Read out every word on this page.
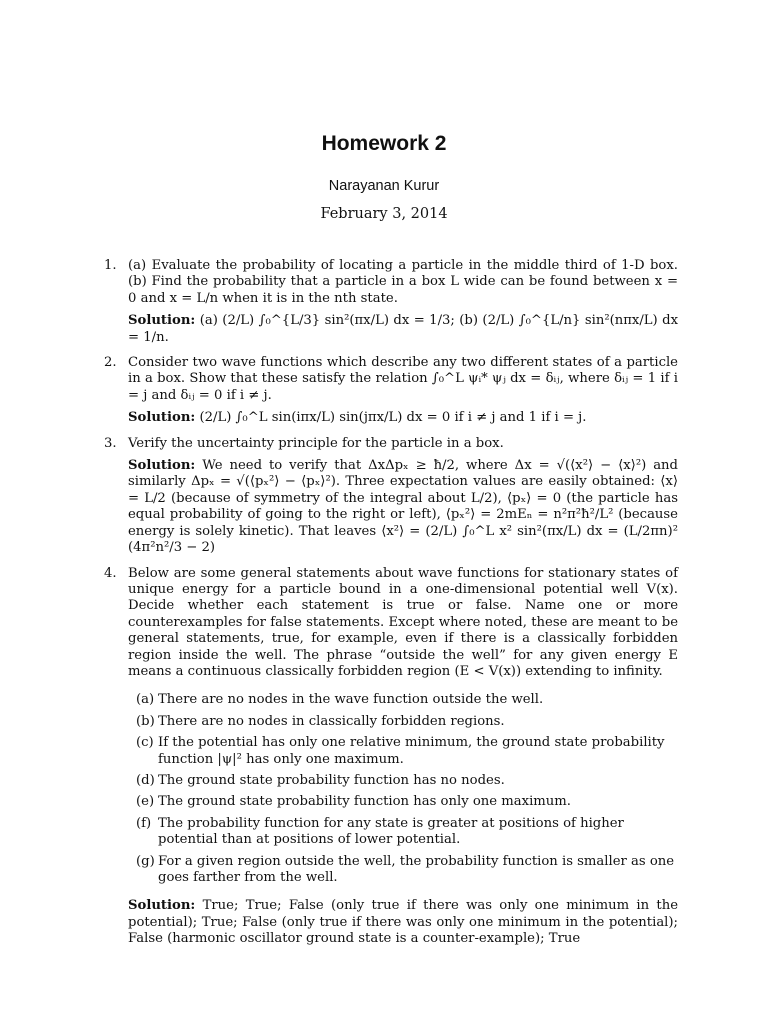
Homework 2
Narayanan Kurur
February 3, 2014
1. (a) Evaluate the probability of locating a particle in the middle third of 1-D box. (b) Find the probability that a particle in a box L wide can be found between x = 0 and x = L/n when it is in the nth state.
Solution: (a) (2/L) ∫₀^{L/3} sin²(πx/L) dx = 1/3; (b) (2/L) ∫₀^{L/n} sin²(nπx/L) dx = 1/n.
2. Consider two wave functions which describe any two different states of a particle in a box. Show that these satisfy the relation ∫₀^L ψᵢ* ψⱼ dx = δᵢⱼ, where δᵢⱼ = 1 if i = j and δᵢⱼ = 0 if i ≠ j.
Solution: (2/L) ∫₀^L sin(iπx/L) sin(jπx/L) dx = 0 if i ≠ j and 1 if i = j.
3. Verify the uncertainty principle for the particle in a box.
Solution: We need to verify that ΔxΔpₓ ≥ ħ/2, where Δx = √(⟨x²⟩ − ⟨x⟩²) and similarly Δpₓ = √(⟨pₓ²⟩ − ⟨pₓ⟩²). Three expectation values are easily obtained: ⟨x⟩ = L/2 (because of symmetry of the integral about L/2), ⟨pₓ⟩ = 0 (the particle has equal probability of going to the right or left), ⟨pₓ²⟩ = 2mEₙ = n²π²ħ²/L² (because energy is solely kinetic). That leaves ⟨x²⟩ = (2/L) ∫₀^L x² sin²(πx/L) dx = (L/2πn)² (4π²n²/3 − 2)
4. Below are some general statements about wave functions for stationary states of unique energy for a particle bound in a one-dimensional potential well V(x). Decide whether each statement is true or false. Name one or more counterexamples for false statements. Except where noted, these are meant to be general statements, true, for example, even if there is a classically forbidden region inside the well. The phrase “outside the well” for any given energy E means a continuous classically forbidden region (E < V(x)) extending to infinity.
(a) There are no nodes in the wave function outside the well.
(b) There are no nodes in classically forbidden regions.
(c) If the potential has only one relative minimum, the ground state probability function |ψ|² has only one maximum.
(d) The ground state probability function has no nodes.
(e) The ground state probability function has only one maximum.
(f) The probability function for any state is greater at positions of higher potential than at positions of lower potential.
(g) For a given region outside the well, the probability function is smaller as one goes farther from the well.
Solution: True; True; False (only true if there was only one minimum in the potential); True; False (only true if there was only one minimum in the potential); False (harmonic oscillator ground state is a counter-example); True
